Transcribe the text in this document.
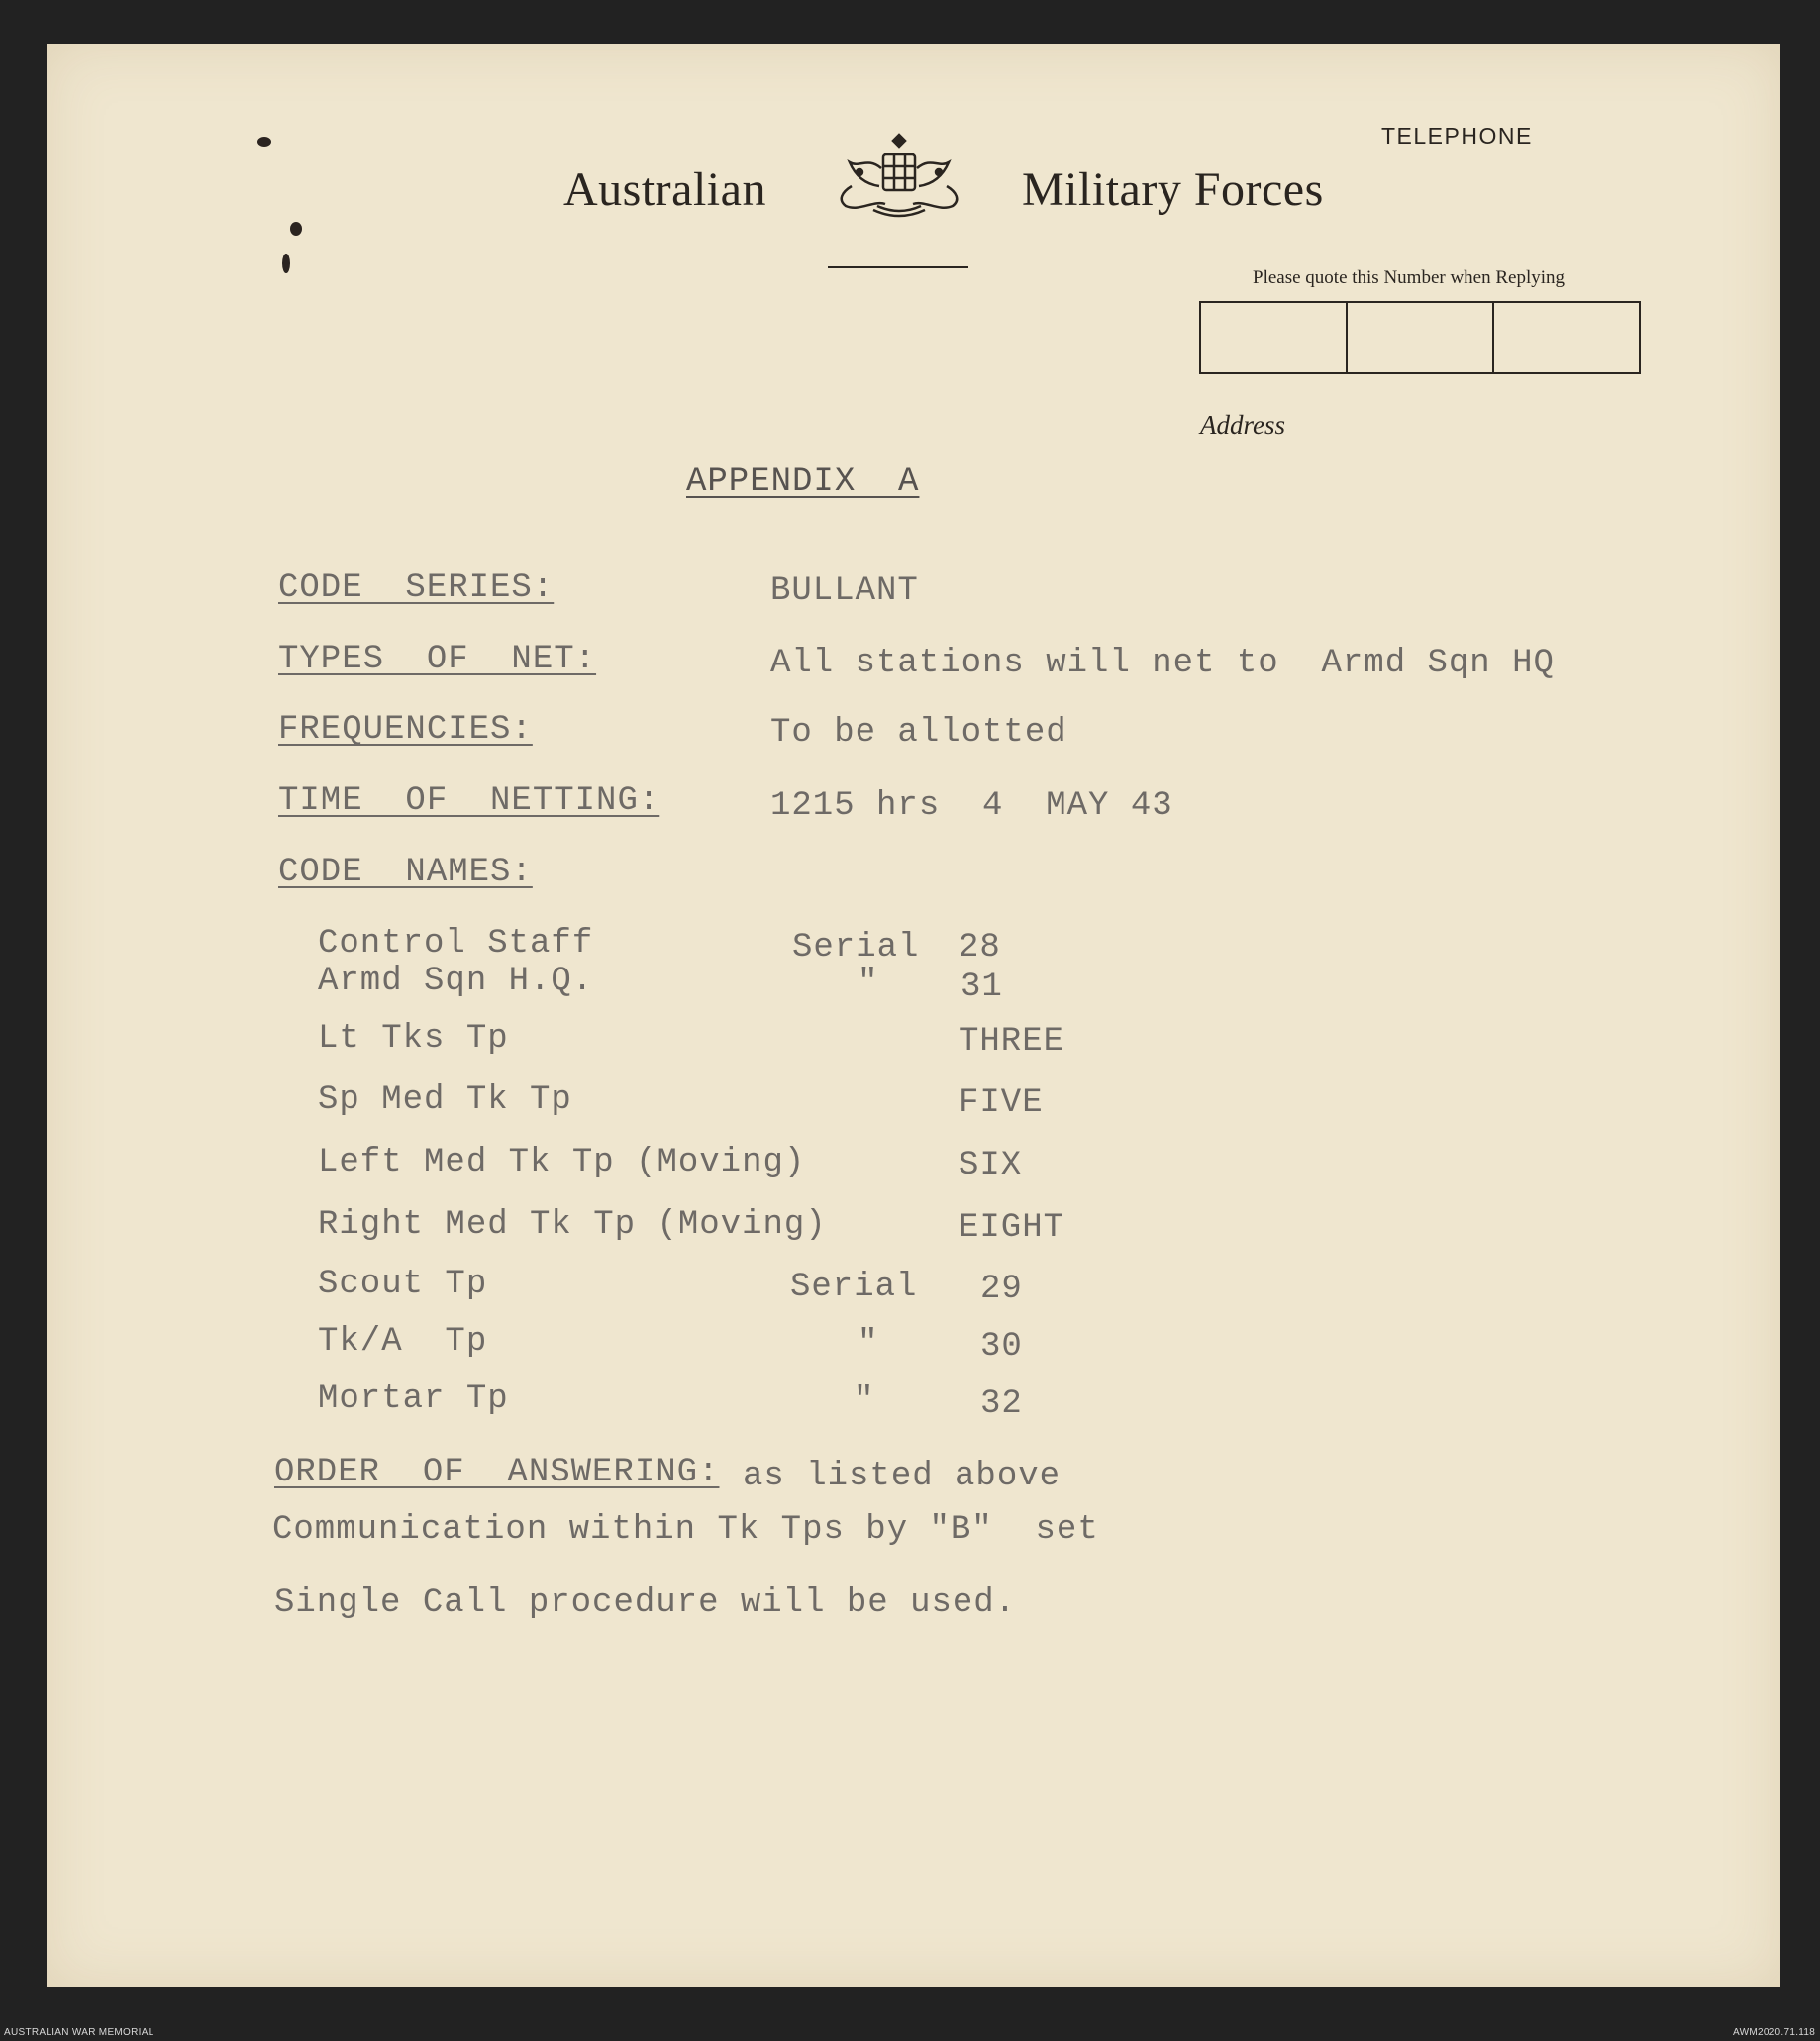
Australian	Military Forces
TELEPHONE
Please quote this Number when Replying
Address
APPENDIX  A
CODE  SERIES:	BULLANT
TYPES  OF  NET:	All stations will net to  Armd Sqn HQ
FREQUENCIES:	To be allotted
TIME  OF  NETTING:	1215 hrs  4  MAY 43
CODE  NAMES:
Control Staff	Serial 28
Armd Sqn H.Q.	" 31
Lt Tks Tp	THREE
Sp Med Tk Tp	FIVE
Left Med Tk Tp (Moving)	SIX
Right Med Tk Tp (Moving)	EIGHT
Scout Tp	Serial 29
Tk/A  Tp	"	30
Mortar Tp	"	32
ORDER  OF  ANSWERING: as listed above
Communication within Tk Tps by "B"  set
Single Call procedure will be used.
AUSTRALIAN WAR MEMORIAL	AWM2020.71.118
